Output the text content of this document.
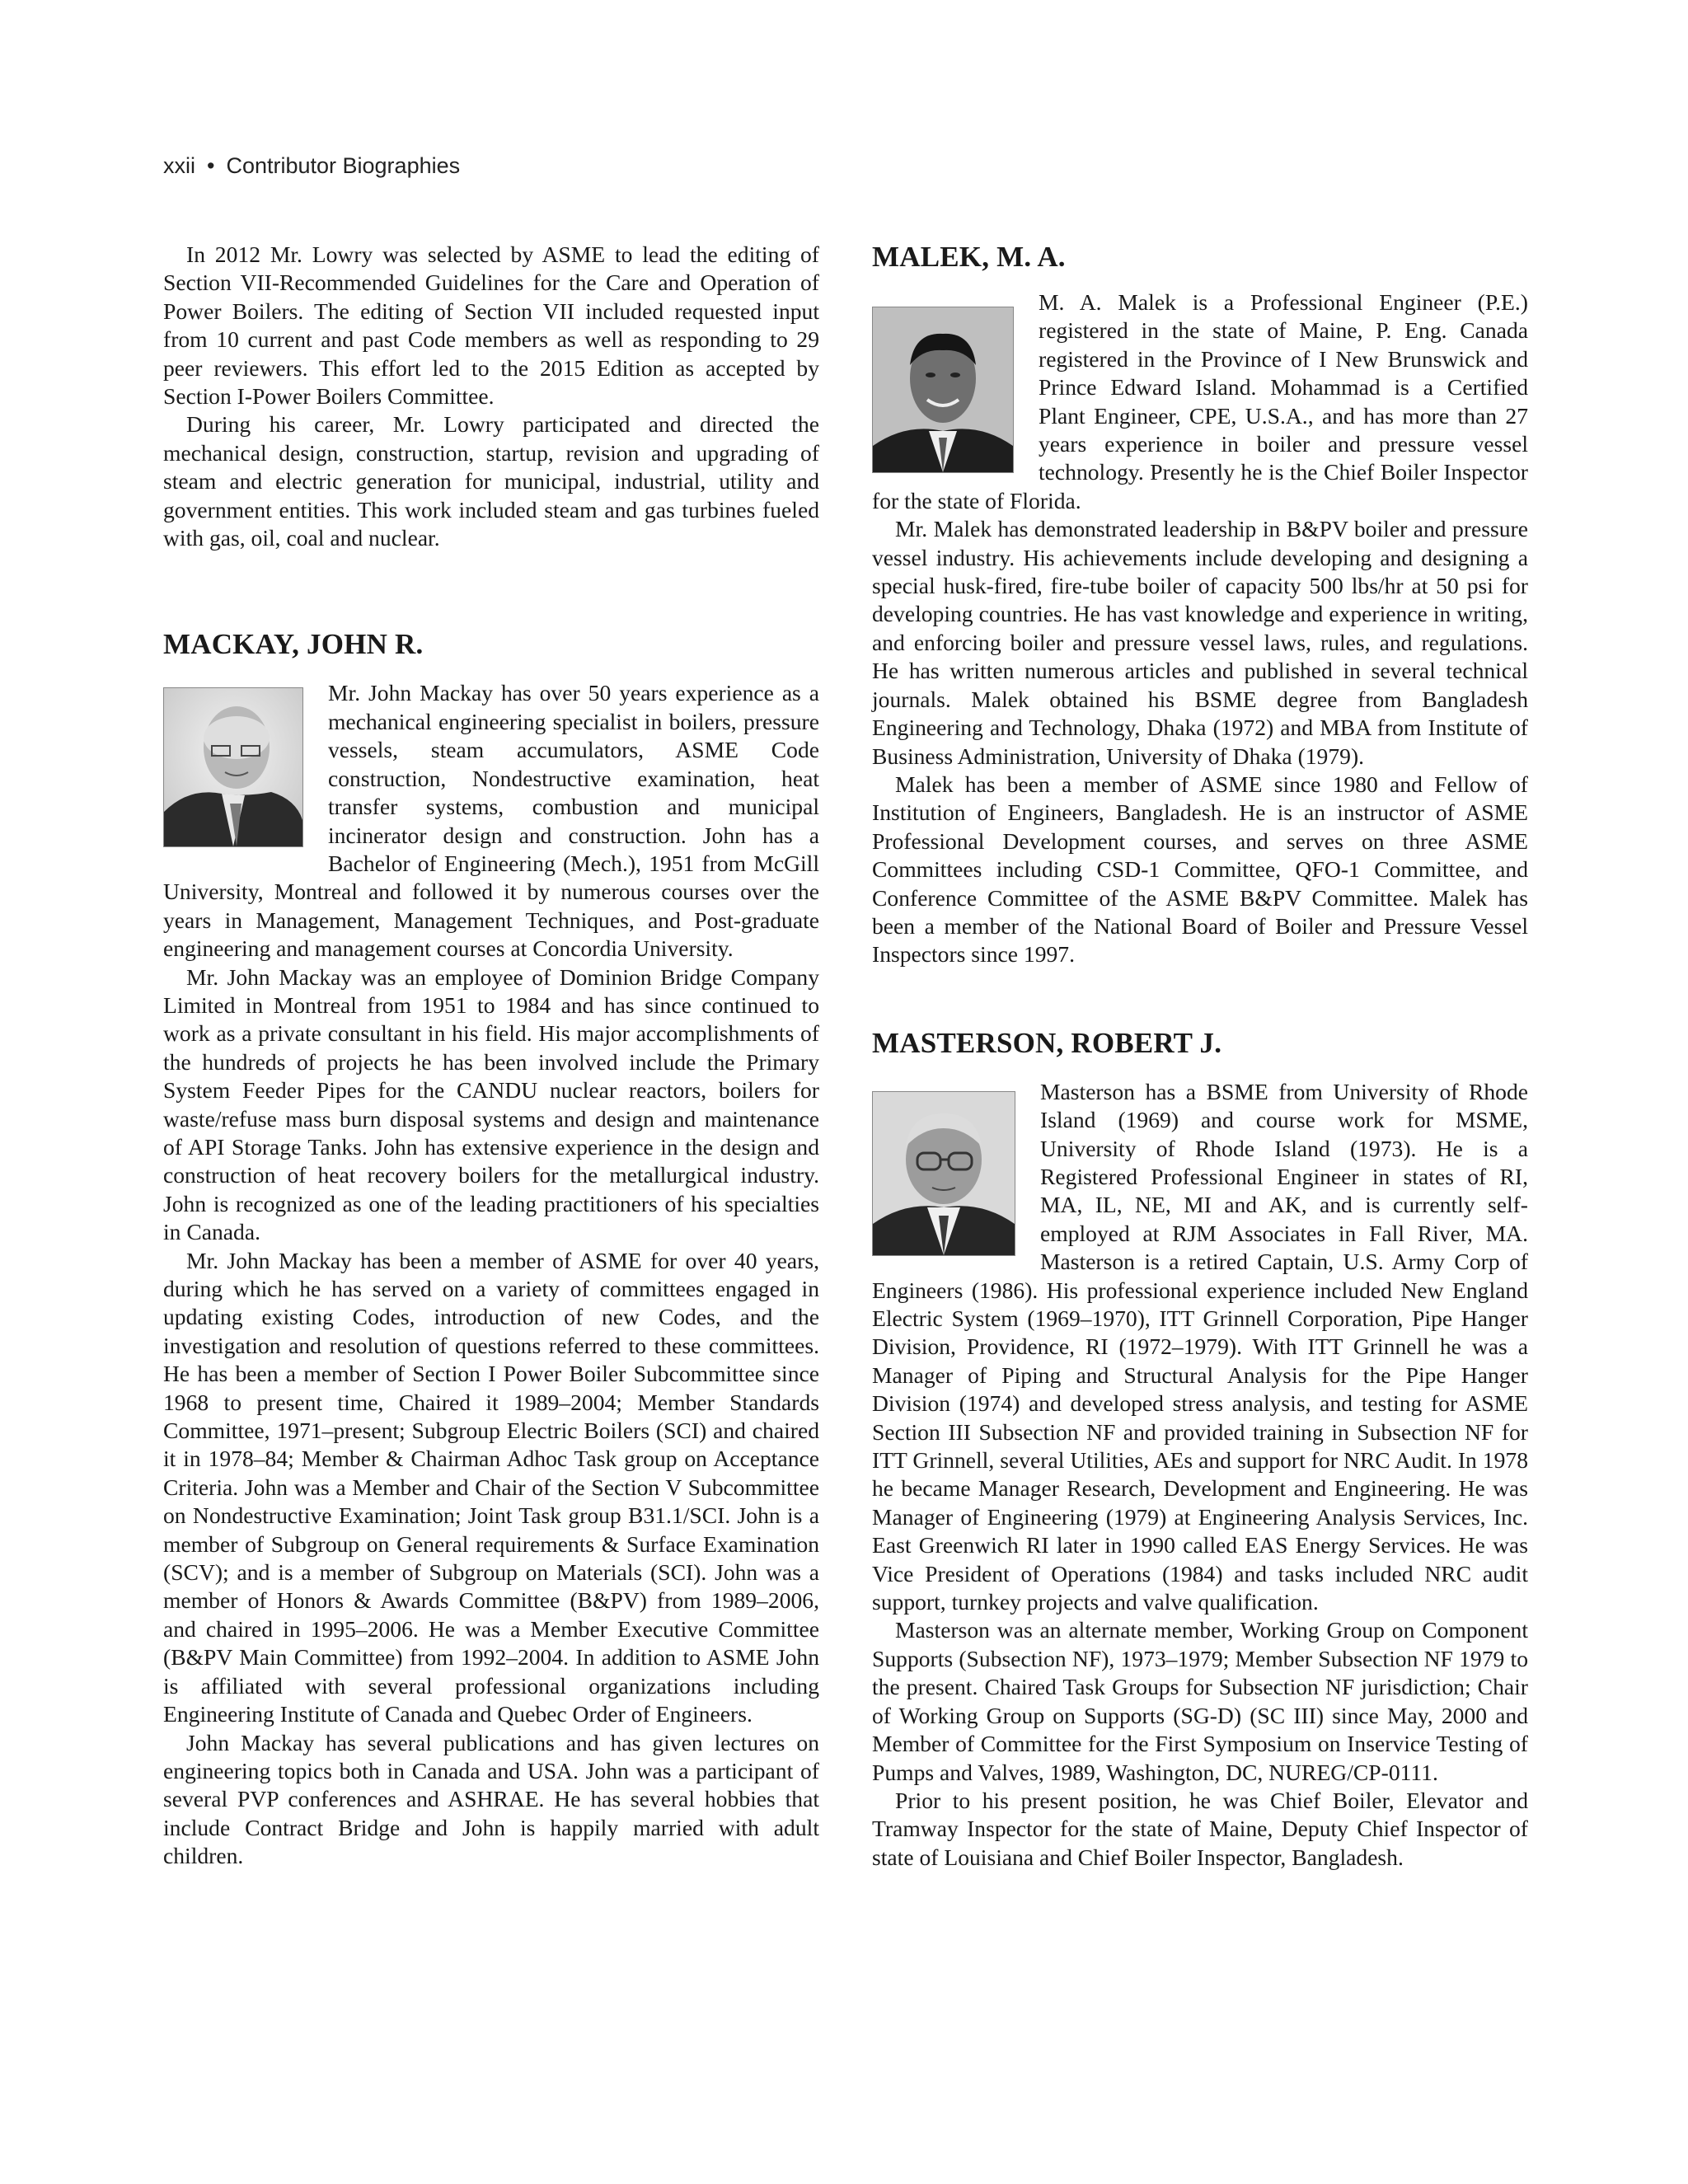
xxii • Contributor Biographies

In 2012 Mr. Lowry was selected by ASME to lead the editing of Section VII-Recommended Guidelines for the Care and Operation of Power Boilers. The editing of Section VII included requested input from 10 current and past Code members as well as responding to 29 peer reviewers. This effort led to the 2015 Edition as accepted by Section I-Power Boilers Committee.

During his career, Mr. Lowry participated and directed the mechanical design, construction, startup, revision and upgrading of steam and electric generation for municipal, industrial, utility and government entities. This work included steam and gas turbines fueled with gas, oil, coal and nuclear.

MACKAY, JOHN R.

Mr. John Mackay has over 50 years experience as a mechanical engineering specialist in boilers, pressure vessels, steam accumulators, ASME Code construction, Nondestructive examination, heat transfer systems, combustion and municipal incinerator design and construction. John has a Bachelor of Engineering (Mech.), 1951 from McGill University, Montreal and followed it by numerous courses over the years in Management, Management Techniques, and Post-graduate engineering and management courses at Concordia University.

Mr. John Mackay was an employee of Dominion Bridge Company Limited in Montreal from 1951 to 1984 and has since continued to work as a private consultant in his field. His major accomplishments of the hundreds of projects he has been involved include the Primary System Feeder Pipes for the CANDU nuclear reactors, boilers for waste/refuse mass burn disposal systems and design and maintenance of API Storage Tanks. John has extensive experience in the design and construction of heat recovery boilers for the metallurgical industry. John is recognized as one of the leading practitioners of his specialties in Canada.

Mr. John Mackay has been a member of ASME for over 40 years, during which he has served on a variety of committees engaged in updating existing Codes, introduction of new Codes, and the investigation and resolution of questions referred to these committees. He has been a member of Section I Power Boiler Subcommittee since 1968 to present time, Chaired it 1989–2004; Member Standards Committee, 1971–present; Subgroup Electric Boilers (SCI) and chaired it in 1978–84; Member & Chairman Adhoc Task group on Acceptance Criteria. John was a Member and Chair of the Section V Subcommittee on Nondestructive Examination; Joint Task group B31.1/SCI. John is a member of Subgroup on General requirements & Surface Examination (SCV); and is a member of Subgroup on Materials (SCI). John was a member of Honors & Awards Committee (B&PV) from 1989–2006, and chaired in 1995–2006. He was a Member Executive Committee (B&PV Main Committee) from 1992–2004. In addition to ASME John is affiliated with several professional organizations including Engineering Institute of Canada and Quebec Order of Engineers.

John Mackay has several publications and has given lectures on engineering topics both in Canada and USA. John was a participant of several PVP conferences and ASHRAE. He has several hobbies that include Contract Bridge and John is happily married with adult children.

MALEK, M. A.

M. A. Malek is a Professional Engineer (P.E.) registered in the state of Maine, P. Eng. Canada registered in the Province of I New Brunswick and Prince Edward Island. Mohammad is a Certified Plant Engineer, CPE, U.S.A., and has more than 27 years experience in boiler and pressure vessel technology. Presently he is the Chief Boiler Inspector for the state of Florida.

Mr. Malek has demonstrated leadership in B&PV boiler and pressure vessel industry. His achievements include developing and designing a special husk-fired, fire-tube boiler of capacity 500 lbs/hr at 50 psi for developing countries. He has vast knowledge and experience in writing, and enforcing boiler and pressure vessel laws, rules, and regulations. He has written numerous articles and published in several technical journals. Malek obtained his BSME degree from Bangladesh Engineering and Technology, Dhaka (1972) and MBA from Institute of Business Administration, University of Dhaka (1979).

Malek has been a member of ASME since 1980 and Fellow of Institution of Engineers, Bangladesh. He is an instructor of ASME Professional Development courses, and serves on three ASME Committees including CSD-1 Committee, QFO-1 Committee, and Conference Committee of the ASME B&PV Committee. Malek has been a member of the National Board of Boiler and Pressure Vessel Inspectors since 1997.

MASTERSON, ROBERT J.

Masterson has a BSME from University of Rhode Island (1969) and course work for MSME, University of Rhode Island (1973). He is a Registered Professional Engineer in states of RI, MA, IL, NE, MI and AK, and is currently self-employed at RJM Associates in Fall River, MA. Masterson is a retired Captain, U.S. Army Corp of Engineers (1986). His professional experience included New England Electric System (1969–1970), ITT Grinnell Corporation, Pipe Hanger Division, Providence, RI (1972–1979). With ITT Grinnell he was a Manager of Piping and Structural Analysis for the Pipe Hanger Division (1974) and developed stress analysis, and testing for ASME Section III Subsection NF and provided training in Subsection NF for ITT Grinnell, several Utilities, AEs and support for NRC Audit. In 1978 he became Manager Research, Development and Engineering. He was Manager of Engineering (1979) at Engineering Analysis Services, Inc. East Greenwich RI later in 1990 called EAS Energy Services. He was Vice President of Operations (1984) and tasks included NRC audit support, turnkey projects and valve qualification.

Masterson was an alternate member, Working Group on Component Supports (Subsection NF), 1973–1979; Member Subsection NF 1979 to the present. Chaired Task Groups for Subsection NF jurisdiction; Chair of Working Group on Supports (SG-D) (SC III) since May, 2000 and Member of Committee for the First Symposium on Inservice Testing of Pumps and Valves, 1989, Washington, DC, NUREG/CP-0111.

Prior to his present position, he was Chief Boiler, Elevator and Tramway Inspector for the state of Maine, Deputy Chief Inspector of state of Louisiana and Chief Boiler Inspector, Bangladesh.
